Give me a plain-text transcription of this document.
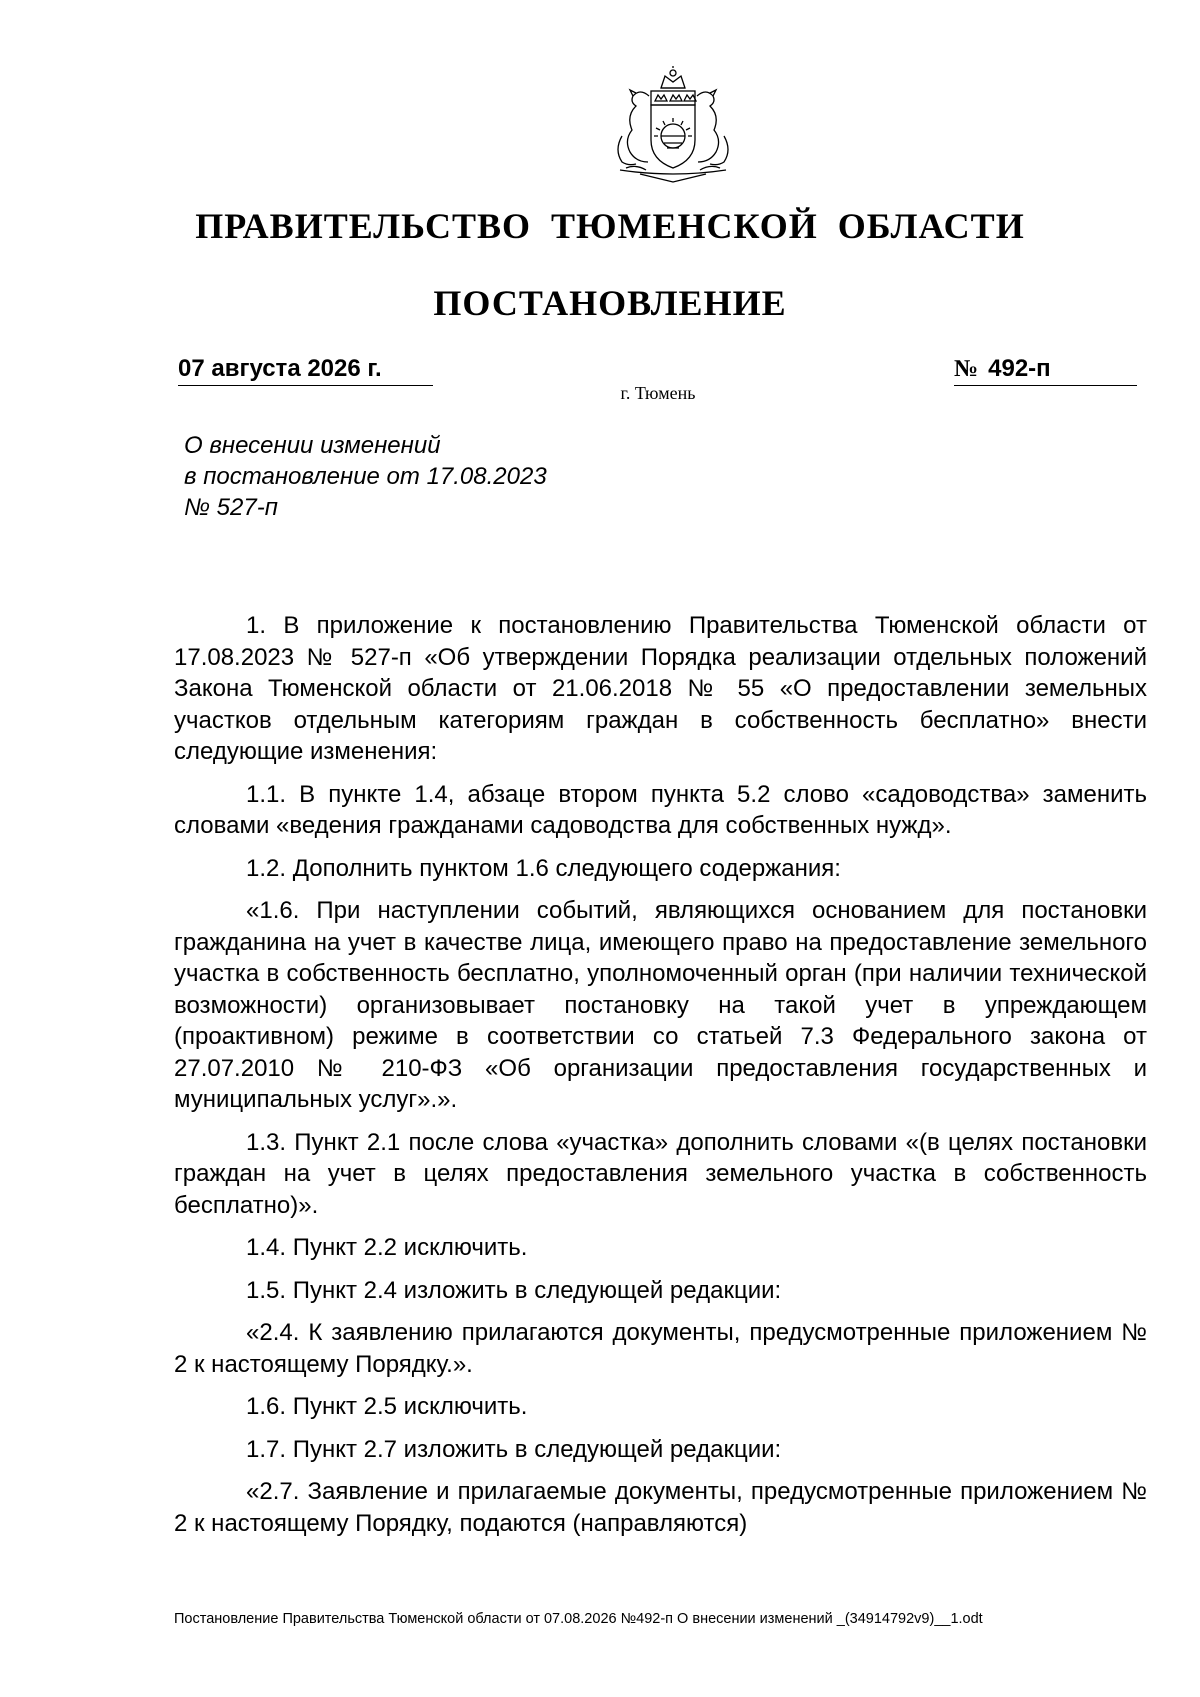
ПРАВИТЕЛЬСТВО ТЮМЕНСКОЙ ОБЛАСТИ
ПОСТАНОВЛЕНИЕ
07 августа 2026 г.	№ 492-п
г. Тюмень
О внесении изменений
в постановление от 17.08.2023
№ 527-п

1. В приложение к постановлению Правительства Тюменской области от 17.08.2023 № 527-п «Об утверждении Порядка реализации отдельных положений Закона Тюменской области от 21.06.2018 № 55 «О предоставлении земельных участков отдельным категориям граждан в собственность бесплатно» внести следующие изменения:

1.1. В пункте 1.4, абзаце втором пункта 5.2 слово «садоводства» заменить словами «ведения гражданами садоводства для собственных нужд».

1.2. Дополнить пунктом 1.6 следующего содержания:

«1.6. При наступлении событий, являющихся основанием для постановки гражданина на учет в качестве лица, имеющего право на предоставление земельного участка в собственность бесплатно, уполномоченный орган (при наличии технической возможности) организовывает постановку на такой учет в упреждающем (проактивном) режиме в соответствии со статьей 7.3 Федерального закона от 27.07.2010 № 210-ФЗ «Об организации предоставления государственных и муниципальных услуг».».

1.3. Пункт 2.1 после слова «участка» дополнить словами «(в целях постановки граждан на учет в целях предоставления земельного участка в собственность бесплатно)».

1.4. Пункт 2.2 исключить.

1.5. Пункт 2.4 изложить в следующей редакции:

«2.4. К заявлению прилагаются документы, предусмотренные приложением № 2 к настоящему Порядку.».

1.6. Пункт 2.5 исключить.

1.7. Пункт 2.7 изложить в следующей редакции:

«2.7. Заявление и прилагаемые документы, предусмотренные приложением № 2 к настоящему Порядку, подаются (направляются)

Постановление Правительства Тюменской области от 07.08.2026 №492-п О внесении изменений _(34914792v9)__1.odt
